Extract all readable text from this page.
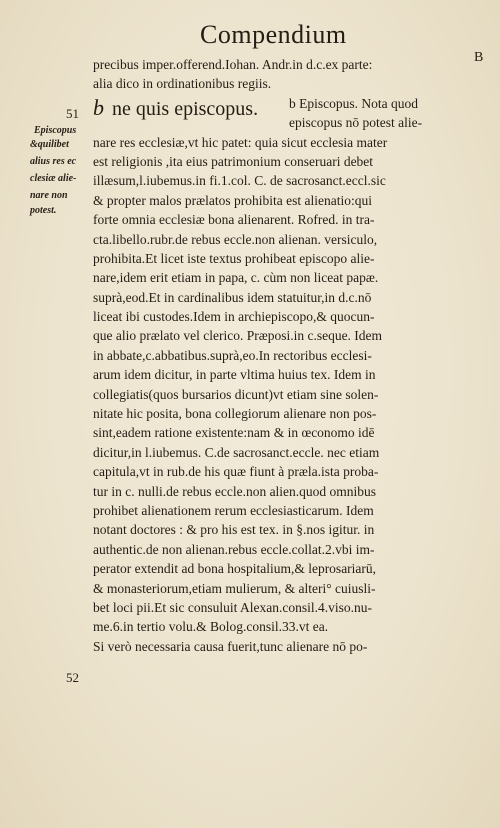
Compendium
B
51
52
Episcopus
&quilibet
alius res ec
clesiæ alie-
nare non
potest.
b ne quis episcopus. b Episcopus. Nota quod
episcopus nō potest alie-
precibus imper.offerend.Iohan. Andr.in d.c.ex parte:
alia dico in ordinationibus regiis.
nare res ecclesiæ,vt hic patet: quia sicut ecclesia mater
est religionis ,ita eius patrimonium conseruari debet
illæsum,l.iubemus.in fi.1.col. C. de sacrosanct.eccl.sic
& propter malos prælatos prohibita est alienatio:qui
forte omnia ecclesiæ bona alienarent. Rofred. in tra-
cta.libello.rubr.de rebus eccle.non alienan. versiculo,
prohibita.Et licet iste textus prohibeat episcopo alie-
nare,idem erit etiam in papa, c. cùm non liceat papæ.
suprà,eod.Et in cardinalibus idem statuitur,in d.c.nō
liceat ibi custodes.Idem in archiepiscopo,& quocun-
que alio prælato vel clerico. Præposi.in c.seque. Idem
in abbate,c.abbatibus.suprà,eo.In rectoribus ecclesi-
arum idem dicitur, in parte vltima huius tex. Idem in
collegiatis(quos bursarios dicunt)vt etiam sine solen-
nitate hic posita, bona collegiorum alienare non pos-
sint,eadem ratione existente:nam & in œconomo idē
dicitur,in l.iubemus. C.de sacrosanct.eccle. nec etiam
capitula,vt in rub.de his quæ fiunt à præla.ista proba-
tur in c. nulli.de rebus eccle.non alien.quod omnibus
prohibet alienationem rerum ecclesiasticarum. Idem
notant doctores : & pro his est tex. in §.nos igitur. in
authentic.de non alienan.rebus eccle.collat.2.vbi im-
perator extendit ad bona hospitalium,& leprosariarū,
& monasteriorum,etiam mulierum, & alteri° cuiusli-
bet loci pii.Et sic consuluit Alexan.consil.4.viso.nu-
me.6.in tertio volu.& Bolog.consil.33.vt ea.
Si verò necessaria causa fuerit,tunc alienare nō po-
